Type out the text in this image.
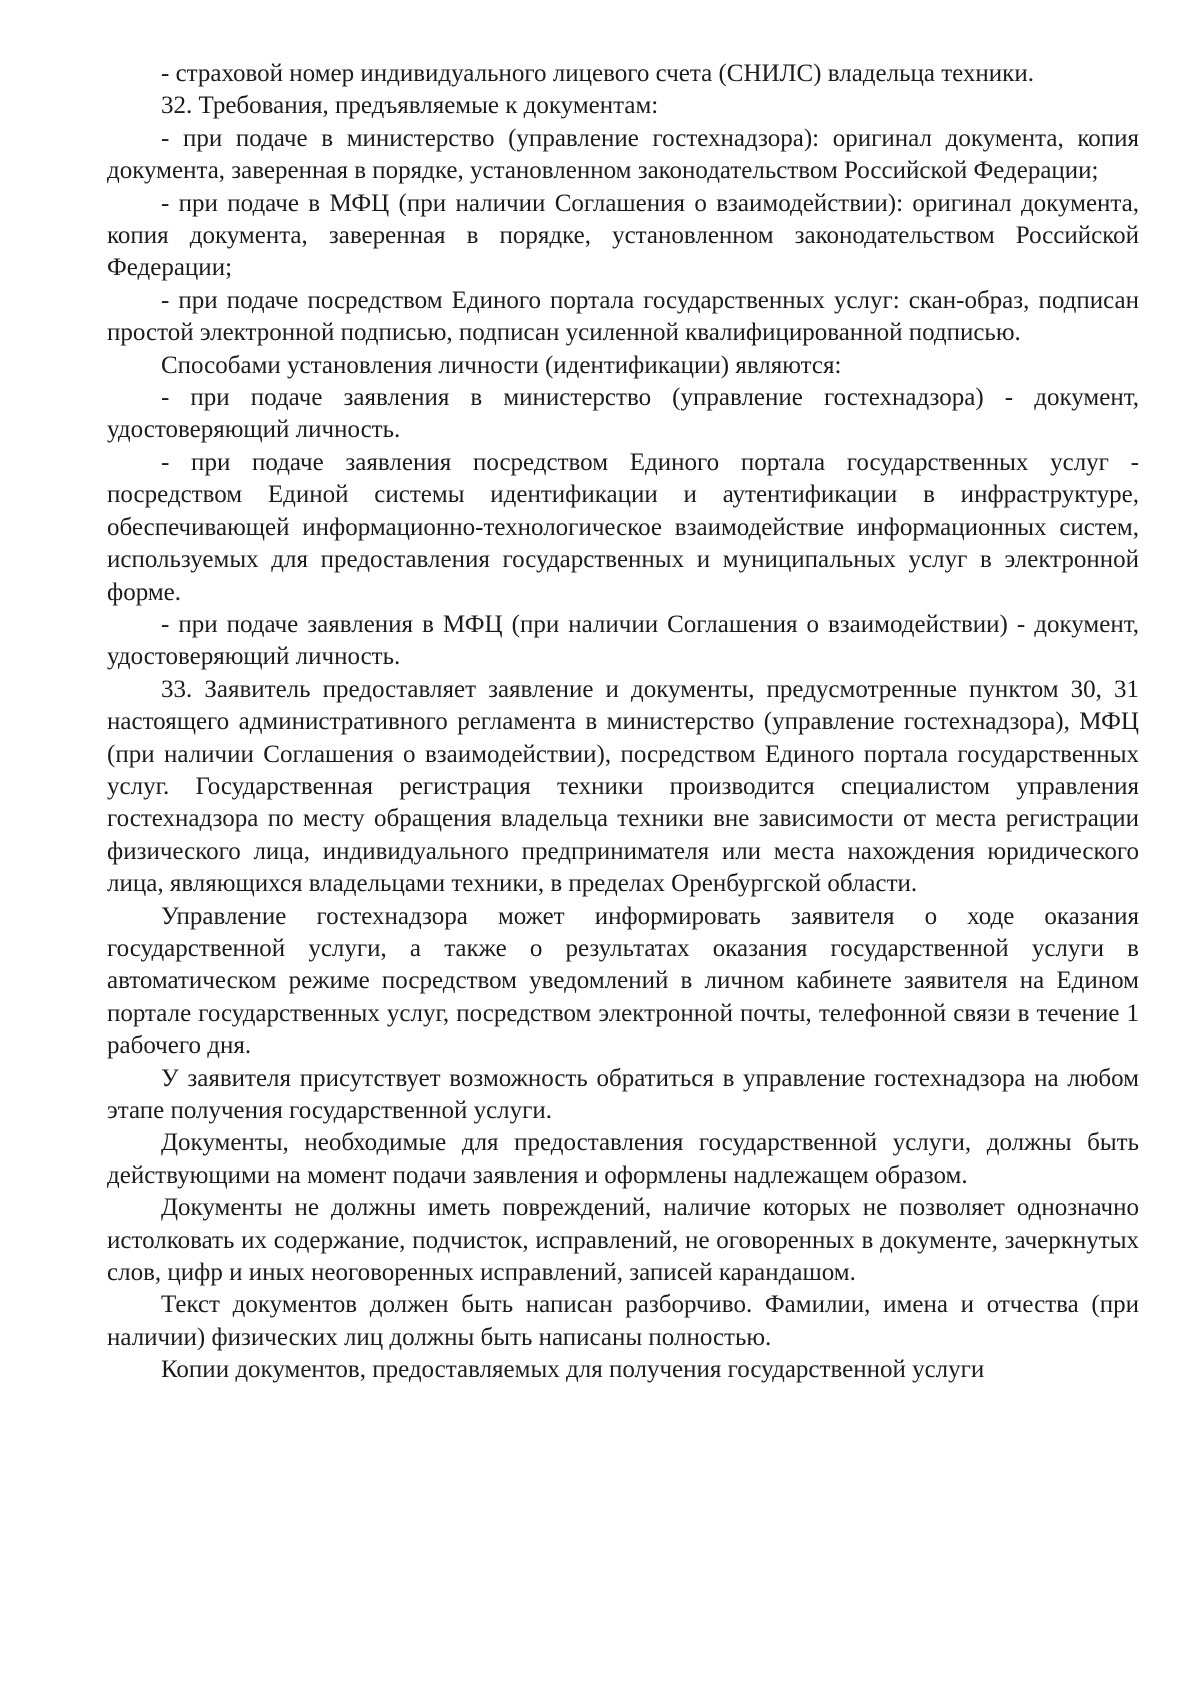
- страховой номер индивидуального лицевого счета (СНИЛС) владельца техники.

32. Требования, предъявляемые к документам:

- при подаче в министерство (управление гостехнадзора): оригинал документа, копия документа, заверенная в порядке, установленном законодательством Российской Федерации;

- при подаче в МФЦ (при наличии Соглашения о взаимодействии): оригинал документа, копия документа, заверенная в порядке, установленном законодательством Российской Федерации;

- при подаче посредством Единого портала государственных услуг: скан-образ, подписан простой электронной подписью, подписан усиленной квалифицированной подписью.

Способами установления личности (идентификации) являются:

- при подаче заявления в министерство (управление гостехнадзора) - документ, удостоверяющий личность.

- при подаче заявления посредством Единого портала государственных услуг - посредством Единой системы идентификации и аутентификации в инфраструктуре, обеспечивающей информационно-технологическое взаимодействие информационных систем, используемых для предоставления государственных и муниципальных услуг в электронной форме.

- при подаче заявления в МФЦ (при наличии Соглашения о взаимодействии) - документ, удостоверяющий личность.

33. Заявитель предоставляет заявление и документы, предусмотренные пунктом 30, 31 настоящего административного регламента в министерство (управление гостехнадзора), МФЦ (при наличии Соглашения о взаимодействии), посредством Единого портала государственных услуг. Государственная регистрация техники производится специалистом управления гостехнадзора по месту обращения владельца техники вне зависимости от места регистрации физического лица, индивидуального предпринимателя или места нахождения юридического лица, являющихся владельцами техники, в пределах Оренбургской области.

Управление гостехнадзора может информировать заявителя о ходе оказания государственной услуги, а также о результатах оказания государственной услуги в автоматическом режиме посредством уведомлений в личном кабинете заявителя на Едином портале государственных услуг, посредством электронной почты, телефонной связи в течение 1 рабочего дня.

У заявителя присутствует возможность обратиться в управление гостехнадзора на любом этапе получения государственной услуги.

Документы, необходимые для предоставления государственной услуги, должны быть действующими на момент подачи заявления и оформлены надлежащем образом.

Документы не должны иметь повреждений, наличие которых не позволяет однозначно истолковать их содержание, подчисток, исправлений, не оговоренных в документе, зачеркнутых слов, цифр и иных неоговоренных исправлений, записей карандашом.

Текст документов должен быть написан разборчиво. Фамилии, имена и отчества (при наличии) физических лиц должны быть написаны полностью.

Копии документов, предоставляемых для получения государственной услуги
